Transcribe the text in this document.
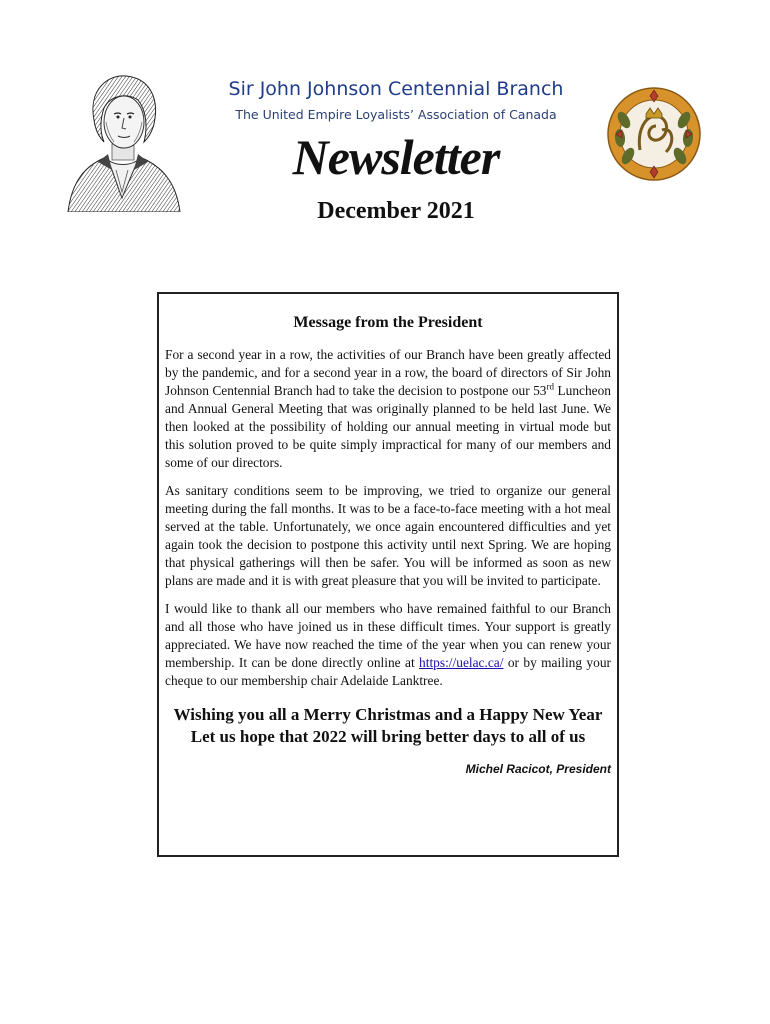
Sir John Johnson Centennial Branch
The United Empire Loyalists’ Association of Canada
Newsletter
December 2021
Message from the President

For a second year in a row, the activities of our Branch have been greatly affected by the pandemic, and for a second year in a row, the board of directors of Sir John Johnson Centennial Branch had to take the decision to postpone our 53rd Luncheon and Annual General Meeting that was originally planned to be held last June. We then looked at the possibility of holding our annual meeting in virtual mode but this solution proved to be quite simply impractical for many of our members and some of our directors.

As sanitary conditions seem to be improving, we tried to organize our general meeting during the fall months. It was to be a face-to-face meeting with a hot meal served at the table. Unfortunately, we once again encountered difficulties and yet again took the decision to postpone this activity until next Spring. We are hoping that physical gatherings will then be safer. You will be informed as soon as new plans are made and it is with great pleasure that you will be invited to participate.

I would like to thank all our members who have remained faithful to our Branch and all those who have joined us in these difficult times. Your support is greatly appreciated. We have now reached the time of the year when you can renew your membership. It can be done directly online at https://uelac.ca/ or by mailing your cheque to our membership chair Adelaide Lanktree.

Wishing you all a Merry Christmas and a Happy New Year
Let us hope that 2022 will bring better days to all of us
Michel Racicot, President
